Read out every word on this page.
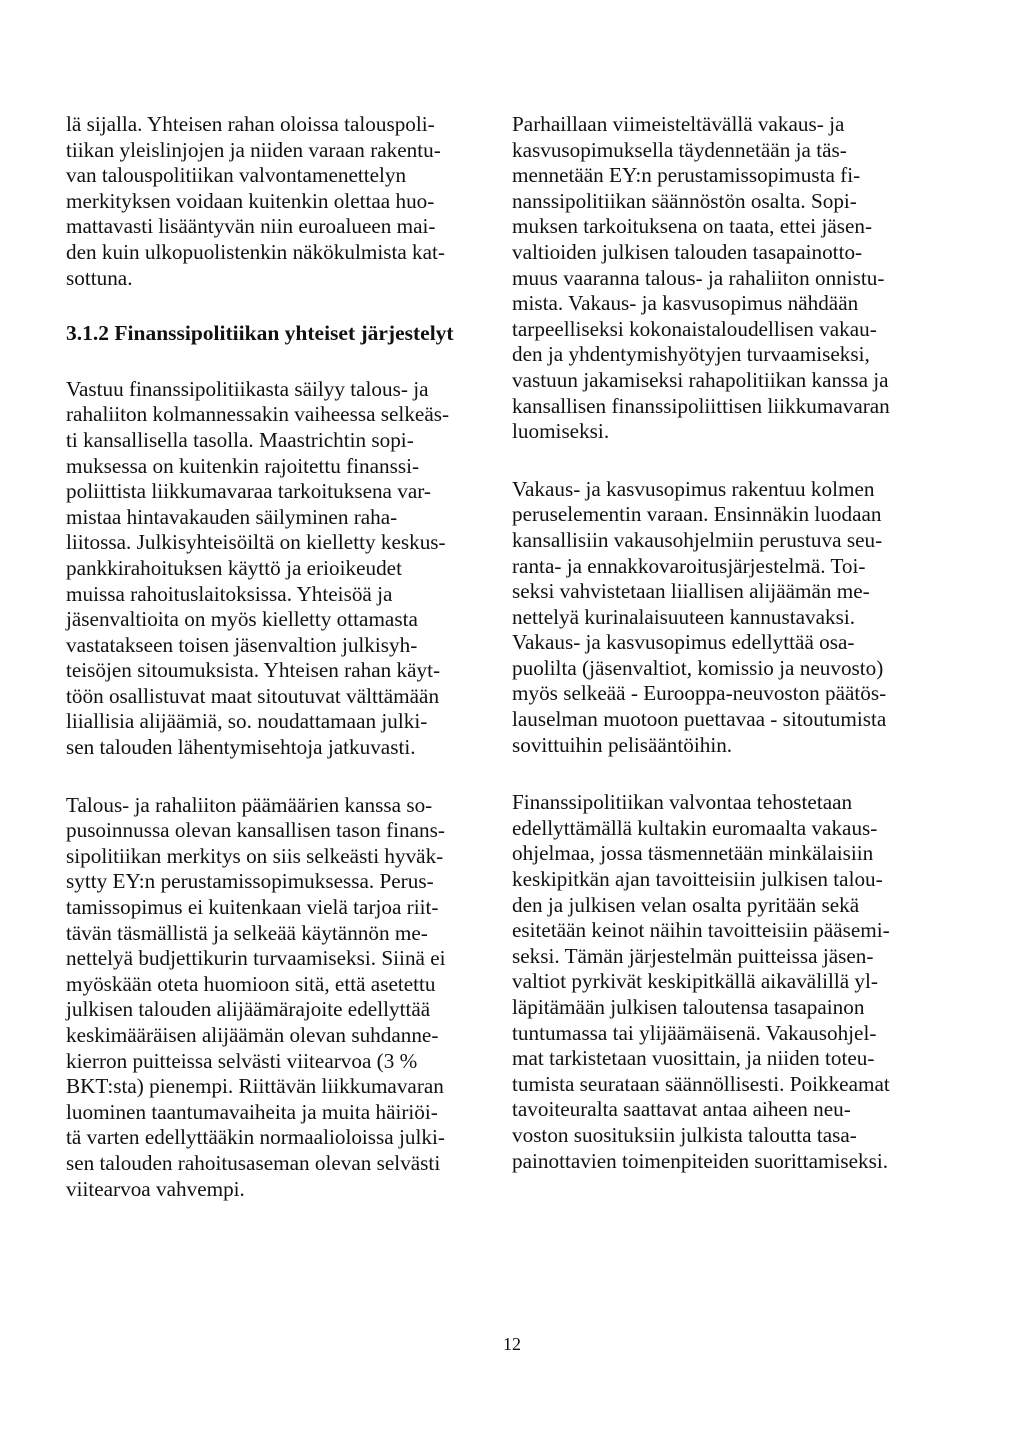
lä sijalla. Yhteisen rahan oloissa talouspoli-
tiikan yleislinjojen ja niiden varaan rakentu-
van talouspolitiikan valvontamenettelyn
merkityksen voidaan kuitenkin olettaa huo-
mattavasti lisääntyvän niin euroalueen mai-
den kuin ulkopuolistenkin näkökulmista kat-
sottuna.
3.1.2 Finanssipolitiikan yhteiset järjestelyt
Vastuu finanssipolitiikasta säilyy talous- ja
rahaliiton kolmannessakin vaiheessa selkeäs-
ti kansallisella tasolla. Maastrichtin sopi-
muksessa on kuitenkin rajoitettu finanssi-
poliittista liikkumavaraa tarkoituksena var-
mistaa hintavakauden säilyminen raha-
liitossa. Julkisyhteisöiltä on kielletty keskus-
pankkirahoituksen käyttö ja erioikeudet
muissa rahoituslaitoksissa. Yhteisöä ja
jäsenvaltioita on myös kielletty ottamasta
vastatakseen toisen jäsenvaltion julkisyh-
teisöjen sitoumuksista. Yhteisen rahan käyt-
töön osallistuvat maat sitoutuvat välttämään
liiallisia alijäämiä, so. noudattamaan julki-
sen talouden lähentymisehtoja jatkuvasti.
Talous- ja rahaliiton päämäärien kanssa so-
pusoinnussa olevan kansallisen tason finans-
sipolitiikan merkitys on siis selkeästi hyväk-
sytty EY:n perustamissopimuksessa. Perus-
tamissopimus ei kuitenkaan vielä tarjoa riit-
tävän täsmällistä ja selkeää käytännön me-
nettelyä budjettikurin turvaamiseksi. Siinä ei
myöskään oteta huomioon sitä, että asetettu
julkisen talouden alijäämärajoite edellyttää
keskimääräisen alijäämän olevan suhdanne-
kierron puitteissa selvästi viitearvoa (3 %
BKT:sta) pienempi. Riittävän liikkumavaran
luominen taantumavaiheita ja muita häiriöi-
tä varten edellyttääkin normaalioloissa julki-
sen talouden rahoitusaseman olevan selvästi
viitearvoa vahvempi.
Parhaillaan viimeisteltävällä vakaus- ja
kasvusopimuksella täydennetään ja täs-
mennetään EY:n perustamissopimusta fi-
nanssipolitiikan säännöstön osalta. Sopi-
muksen tarkoituksena on taata, ettei jäsen-
valtioiden julkisen talouden tasapainotto-
muus vaaranna talous- ja rahaliiton onnistu-
mista. Vakaus- ja kasvusopimus nähdään
tarpeelliseksi kokonaistaloudellisen vakau-
den ja yhdentymishyötyjen turvaamiseksi,
vastuun jakamiseksi rahapolitiikan kanssa ja
kansallisen finanssipoliittisen liikkumavaran
luomiseksi.
Vakaus- ja kasvusopimus rakentuu kolmen
peruselementin varaan. Ensinnäkin luodaan
kansallisiin vakausohjelmiin perustuva seu-
ranta- ja ennakkovaroitusjärjestelmä. Toi-
seksi vahvistetaan liiallisen alijäämän me-
nettelyä kurinalaisuuteen kannustavaksi.
Vakaus- ja kasvusopimus edellyttää osa-
puolilta (jäsenvaltiot, komissio ja neuvosto)
myös selkeää - Eurooppa-neuvoston päätös-
lauselman muotoon puettavaa - sitoutumista
sovittuihin pelisääntöihin.
Finanssipolitiikan valvontaa tehostetaan
edellyttämällä kultakin euromaalta vakaus-
ohjelmaa, jossa täsmennetään minkälaisiin
keskipitkän ajan tavoitteisiin julkisen talou-
den ja julkisen velan osalta pyritään sekä
esitetään keinot näihin tavoitteisiin pääsemi-
seksi. Tämän järjestelmän puitteissa jäsen-
valtiot pyrkivät keskipitkällä aikavälillä yl-
läpitämään julkisen taloutensa tasapainon
tuntumassa tai ylijäämäisenä. Vakausohjel-
mat tarkistetaan vuosittain, ja niiden toteu-
tumista seurataan säännöllisesti. Poikkeamat
tavoiteuralta saattavat antaa aiheen neu-
voston suosituksiin julkista taloutta tasa-
painottavien toimenpiteiden suorittamiseksi.
12
